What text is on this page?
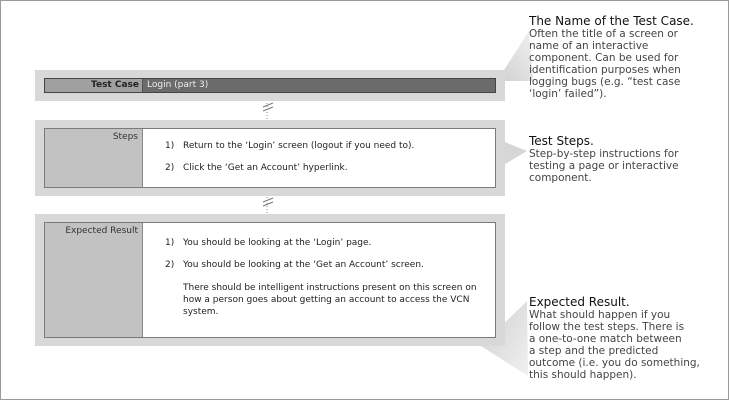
Test Case Login (part 3)
Steps
1) Return to the ‘Login’ screen (logout if you need to).
2) Click the ‘Get an Account’ hyperlink.
Expected Result
1) You should be looking at the ‘Login’ page.
2) You should be looking at the ‘Get an Account’ screen.
There should be intelligent instructions present on this screen on
how a person goes about getting an account to access the VCN
system.
The Name of the Test Case.
Often the title of a screen or
name of an interactive
component. Can be used for
identification purposes when
logging bugs (e.g. “test case
‘login’ failed”).
Test Steps.
Step-by-step instructions for
testing a page or interactive
component.
Expected Result.
What should happen if you
follow the test steps. There is
a one-to-one match between
a step and the predicted
outcome (i.e. you do something,
this should happen).
